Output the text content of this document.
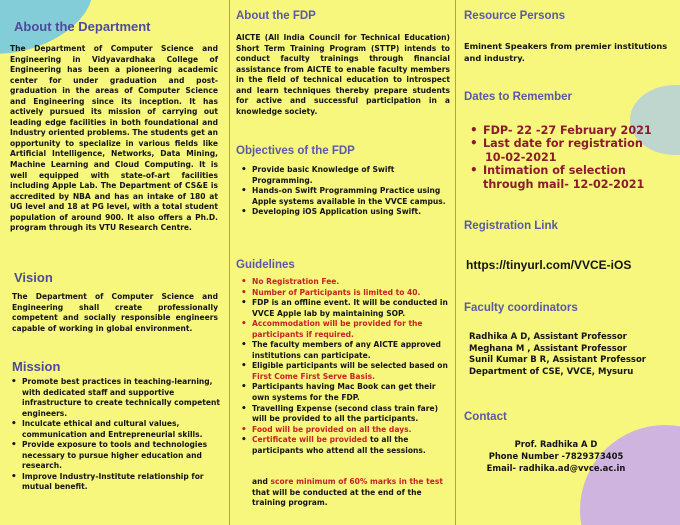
About the Department
The Department of Computer Science and Engineering in Vidyavardhaka College of Engineering has been a pioneering academic center for under graduation and post-graduation in the areas of Computer Science and Engineering since its inception. It has actively pursued its mission of carrying out leading edge facilities in both foundational and Industry oriented problems. The students get an opportunity to specialize in various fields like Artificial Intelligence, Networks, Data Mining, Machine Learning and Cloud Computing. It is well equipped with state-of-art facilities including Apple Lab. The Department of CS&E is accredited by NBA and has an intake of 180 at UG level and 18 at PG level, with a total student population of around 900. It also offers a Ph.D. program through its VTU Research Centre.
Vision
The Department of Computer Science and Engineering shall create professionally competent and socially responsible engineers capable of working in global environment.
Mission
• Promote best practices in teaching-learning, with dedicated staff and supportive infrastructure to create technically competent engineers.
• Inculcate ethical and cultural values, communication and Entrepreneurial skills.
• Provide exposure to tools and technologies necessary to pursue higher education and research.
• Improve Industry-Institute relationship for mutual benefit.
About the FDP
AICTE (All India Council for Technical Education) Short Term Training Program (STTP) intends to conduct faculty trainings through financial assistance from AICTE to enable faculty members in the field of technical education to introspect and learn techniques thereby prepare students for active and successful participation in a knowledge society.
Objectives of the FDP
• Provide basic Knowledge of Swift Programming.
• Hands-on Swift Programming Practice using Apple systems available in the VVCE campus.
• Developing iOS Application using Swift.
Guidelines
• No Registration Fee.
• Number of Participants is limited to 40.
• FDP is an offline event. It will be conducted in VVCE Apple lab by maintaining SOP.
• Accommodation will be provided for the participants if required.
• The faculty members of any AICTE approved institutions can participate.
• Eligible participants will be selected based on First Come First Serve Basis.
• Participants having Mac Book can get their own systems for the FDP.
• Travelling Expense (second class train fare) will be provided to all the participants.
• Food will be provided on all the days.
• Certificate will be provided to all the participants who attend all the sessions.
and score minimum of 60% marks in the test that will be conducted at the end of the training program.
Resource Persons
Eminent Speakers from premier institutions and industry.
Dates to Remember
• FDP- 22 -27 February 2021
• Last date for registration
10-02-2021
• Intimation of selection through mail- 12-02-2021
Registration Link
https://tinyurl.com/VVCE-iOS
Faculty coordinators
Radhika A D, Assistant Professor
Meghana M , Assistant Professor
Sunil Kumar B R, Assistant Professor
Department of CSE, VVCE, Mysuru
Contact
Prof. Radhika A D
Phone Number -7829373405
Email- radhika.ad@vvce.ac.in
